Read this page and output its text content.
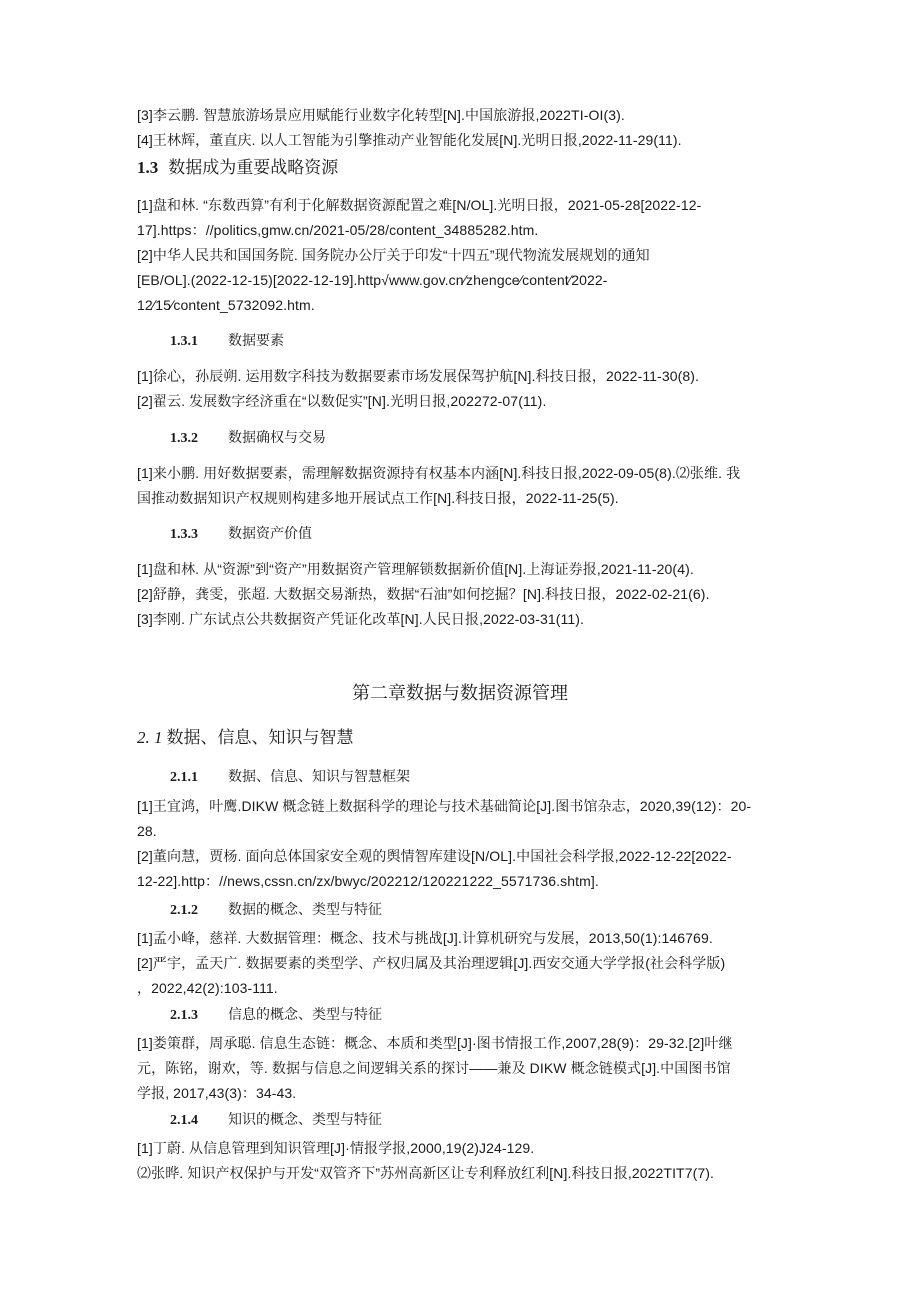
[3]李云鹏. 智慧旅游场景应用赋能行业数字化转型[N].中国旅游报,2022TI-OI(3).
[4]王林辉，董直庆. 以人工智能为引擎推动产业智能化发展[N].光明日报,2022-11-29(11).
1.3 数据成为重要战略资源
[1]盘和林. “东数西算”有利于化解数据资源配置之难[N/OL].光明日报，2021-05-28[2022-12-
17].https：//politics,gmw.cn/2021-05/28/content_34885282.htm.
[2]中华人民共和国国务院. 国务院办公厅关于印发“十四五”现代物流发展规划的通知
[EB/OL].(2022-12-15)[2022-12-19].http√www.gov.cn∕zhengce∕content∕2022-
12∕15∕content_5732092.htm.
1.3.1 数据要素
[1]徐心，孙辰朔. 运用数字科技为数据要素市场发展保驾护航[N].科技日报，2022-11-30(8).
[2]翟云. 发展数字经济重在“以数促实”[N].光明日报,202272-07(11).
1.3.2 数据确权与交易
[1]来小鹏. 用好数据要素，需理解数据资源持有权基本内涵[N].科技日报,2022-09-05(8).⑵张维. 我
国推动数据知识产权规则构建多地开展试点工作[N].科技日报，2022-11-25(5).
1.3.3 数据资产价值
[1]盘和林. 从“资源”到“资产”用数据资产管理解锁数据新价值[N].上海证券报,2021-11-20(4).
[2]舒静，龚雯，张超. 大数据交易渐热，数据“石油”如何挖掘？[N].科技日报，2022-02-21(6).
[3]李刚. 广东试点公共数据资产凭证化改革[N].人民日报,2022-03-31(11).
第二章数据与数据资源管理
2. 1 数据、信息、知识与智慧
2.1.1 数据、信息、知识与智慧框架
[1]王宜鸿，叶鹰.DIKW 概念链上数据科学的理论与技术基础简论[J].图书馆杂志，2020,39(12)：20-
28.
[2]董向慧，贾杨. 面向总体国家安全观的舆情智库建设[N/OL].中国社会科学报,2022-12-22[2022-
12-22].http：//news,cssn.cn/zx/bwyc/202212/120221222_5571736.shtm].
2.1.2 数据的概念、类型与特征
[1]孟小峰，慈祥. 大数据管理：概念、技术与挑战[J].计算机研究与发展，2013,50(1):146769.
[2]严宇，孟天广. 数据要素的类型学、产权归属及其治理逻辑[J].西安交通大学学报(社会科学版)
，2022,42(2):103-111.
2.1.3 信息的概念、类型与特征
[1]娄策群，周承聪. 信息生态链：概念、本质和类型[J]·图书情报工作,2007,28(9)：29-32.[2]叶继
元，陈铭，谢欢，等. 数据与信息之间逻辑关系的探讨——兼及 DIKW 概念链模式[J].中国图书馆
学报, 2017,43(3)：34-43.
2.1.4 知识的概念、类型与特征
[1]丁蔚. 从信息管理到知识管理[J]·情报学报,2000,19(2)J24-129.
⑵张晔. 知识产权保护与开发“双管齐下”苏州高新区让专利释放红利[N].科技日报,2022TIT7(7).
